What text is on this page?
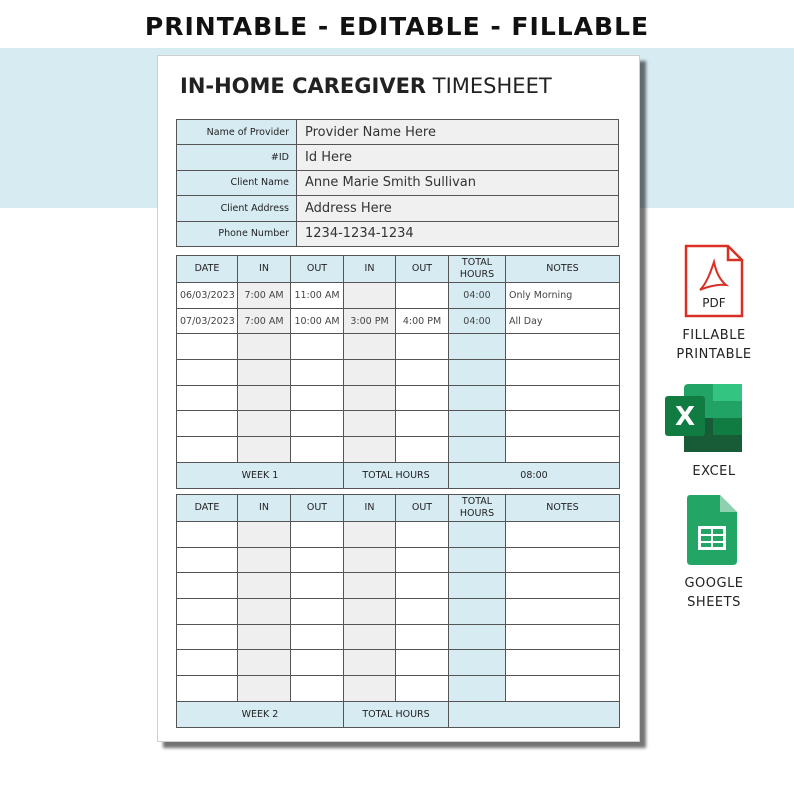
PRINTABLE - EDITABLE - FILLABLE
IN-HOME CAREGIVER TIMESHEET
Name of Provider	Provider Name Here
#ID	Id Here
Client Name	Anne Marie Smith Sullivan
Client Address	Address Here
Phone Number	1234-1234-1234
DATE	IN	OUT	IN	OUT	TOTAL HOURS	NOTES
06/03/2023	7:00 AM	11:00 AM			04:00	Only Morning
07/03/2023	7:00 AM	10:00 AM	3:00 PM	4:00 PM	04:00	All Day

WEEK 1			TOTAL HOURS		08:00	
DATE	IN	OUT	IN	OUT	TOTAL HOURS	NOTES

WEEK 2			TOTAL HOURS			
PDF
FILLABLE
PRINTABLE
X
EXCEL
GOOGLE
SHEETS
